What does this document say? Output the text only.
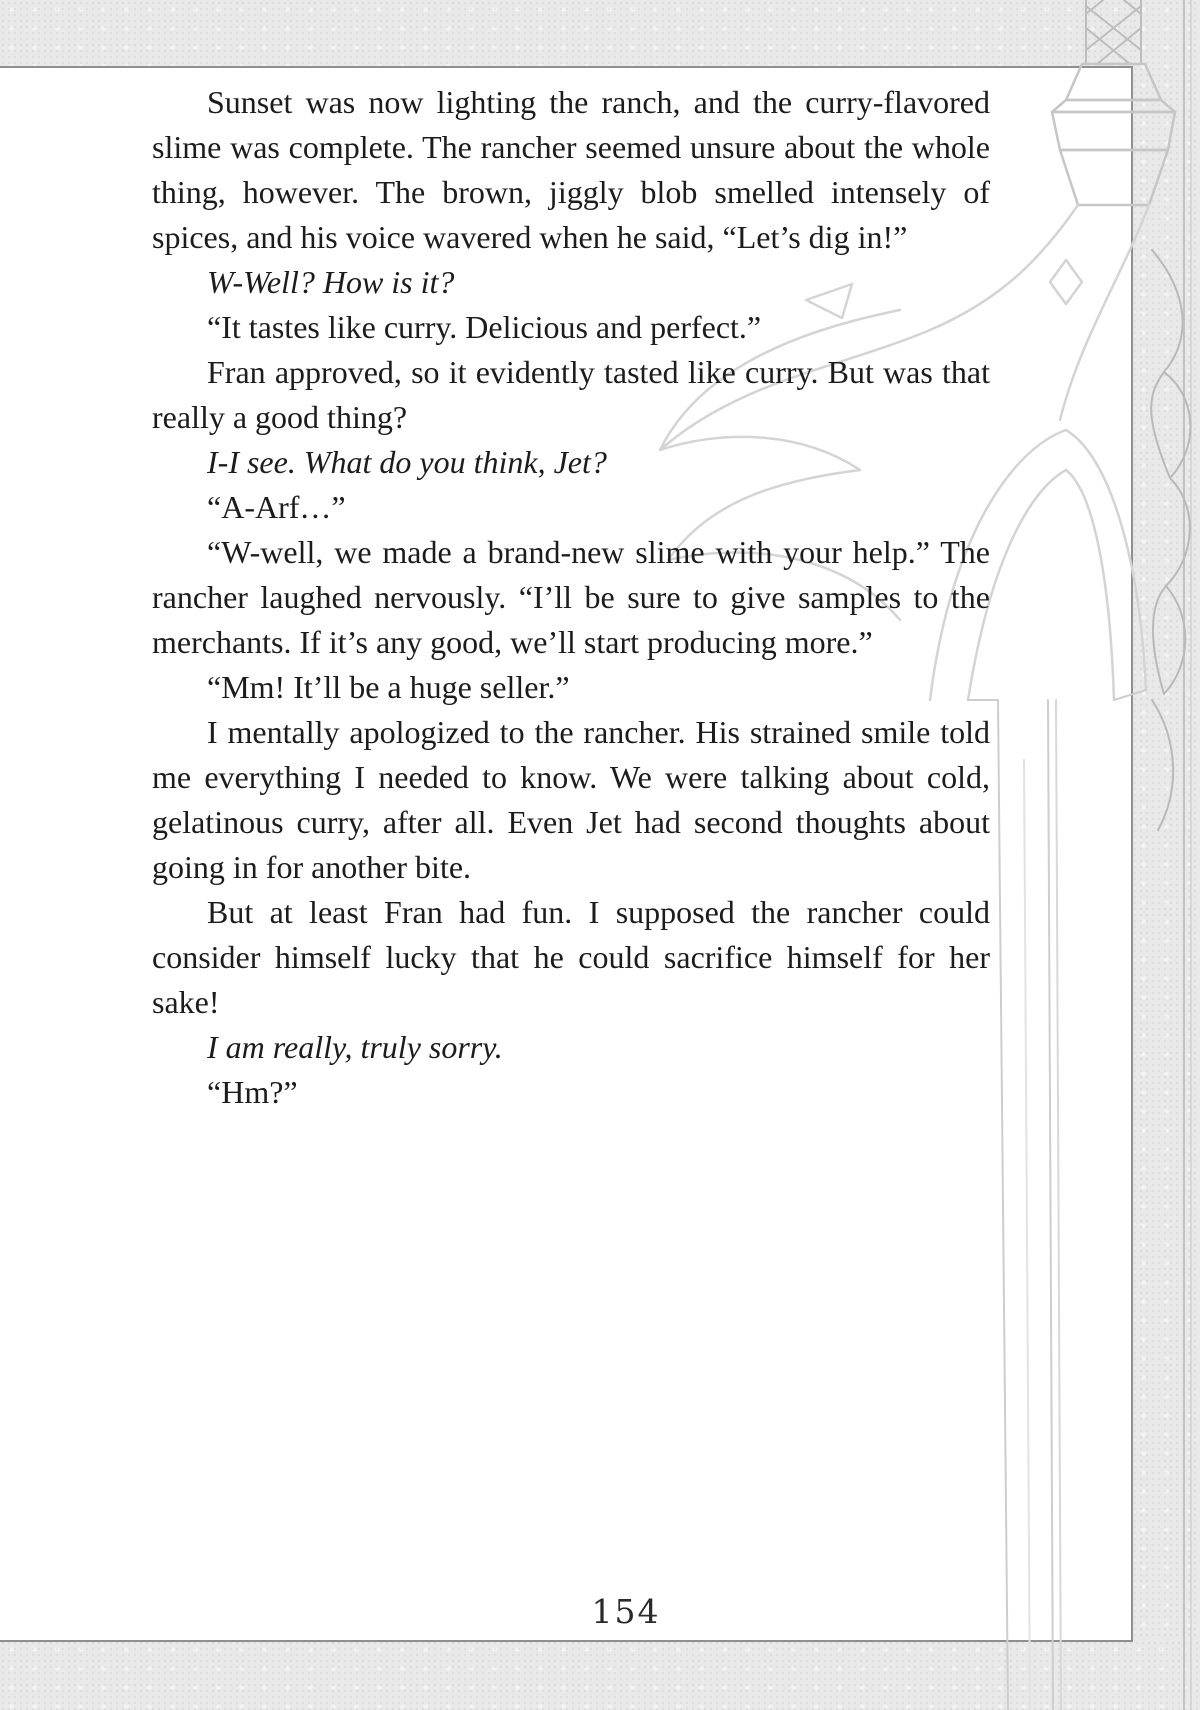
Sunset was now lighting the ranch, and the curry-flavored slime was complete. The rancher seemed unsure about the whole thing, however. The brown, jiggly blob smelled intensely of spices, and his voice wavered when he said, “Let’s dig in!”

W-Well? How is it?

“It tastes like curry. Delicious and perfect.”

Fran approved, so it evidently tasted like curry. But was that really a good thing?

I-I see. What do you think, Jet?

“A-Arf…”

“W-well, we made a brand-new slime with your help.” The rancher laughed nervously. “I’ll be sure to give samples to the merchants. If it’s any good, we’ll start producing more.”

“Mm! It’ll be a huge seller.”

I mentally apologized to the rancher. His strained smile told me everything I needed to know. We were talking about cold, gelatinous curry, after all. Even Jet had second thoughts about going in for another bite.

But at least Fran had fun. I supposed the rancher could consider himself lucky that he could sacrifice himself for her sake!

I am really, truly sorry.

“Hm?”

154
